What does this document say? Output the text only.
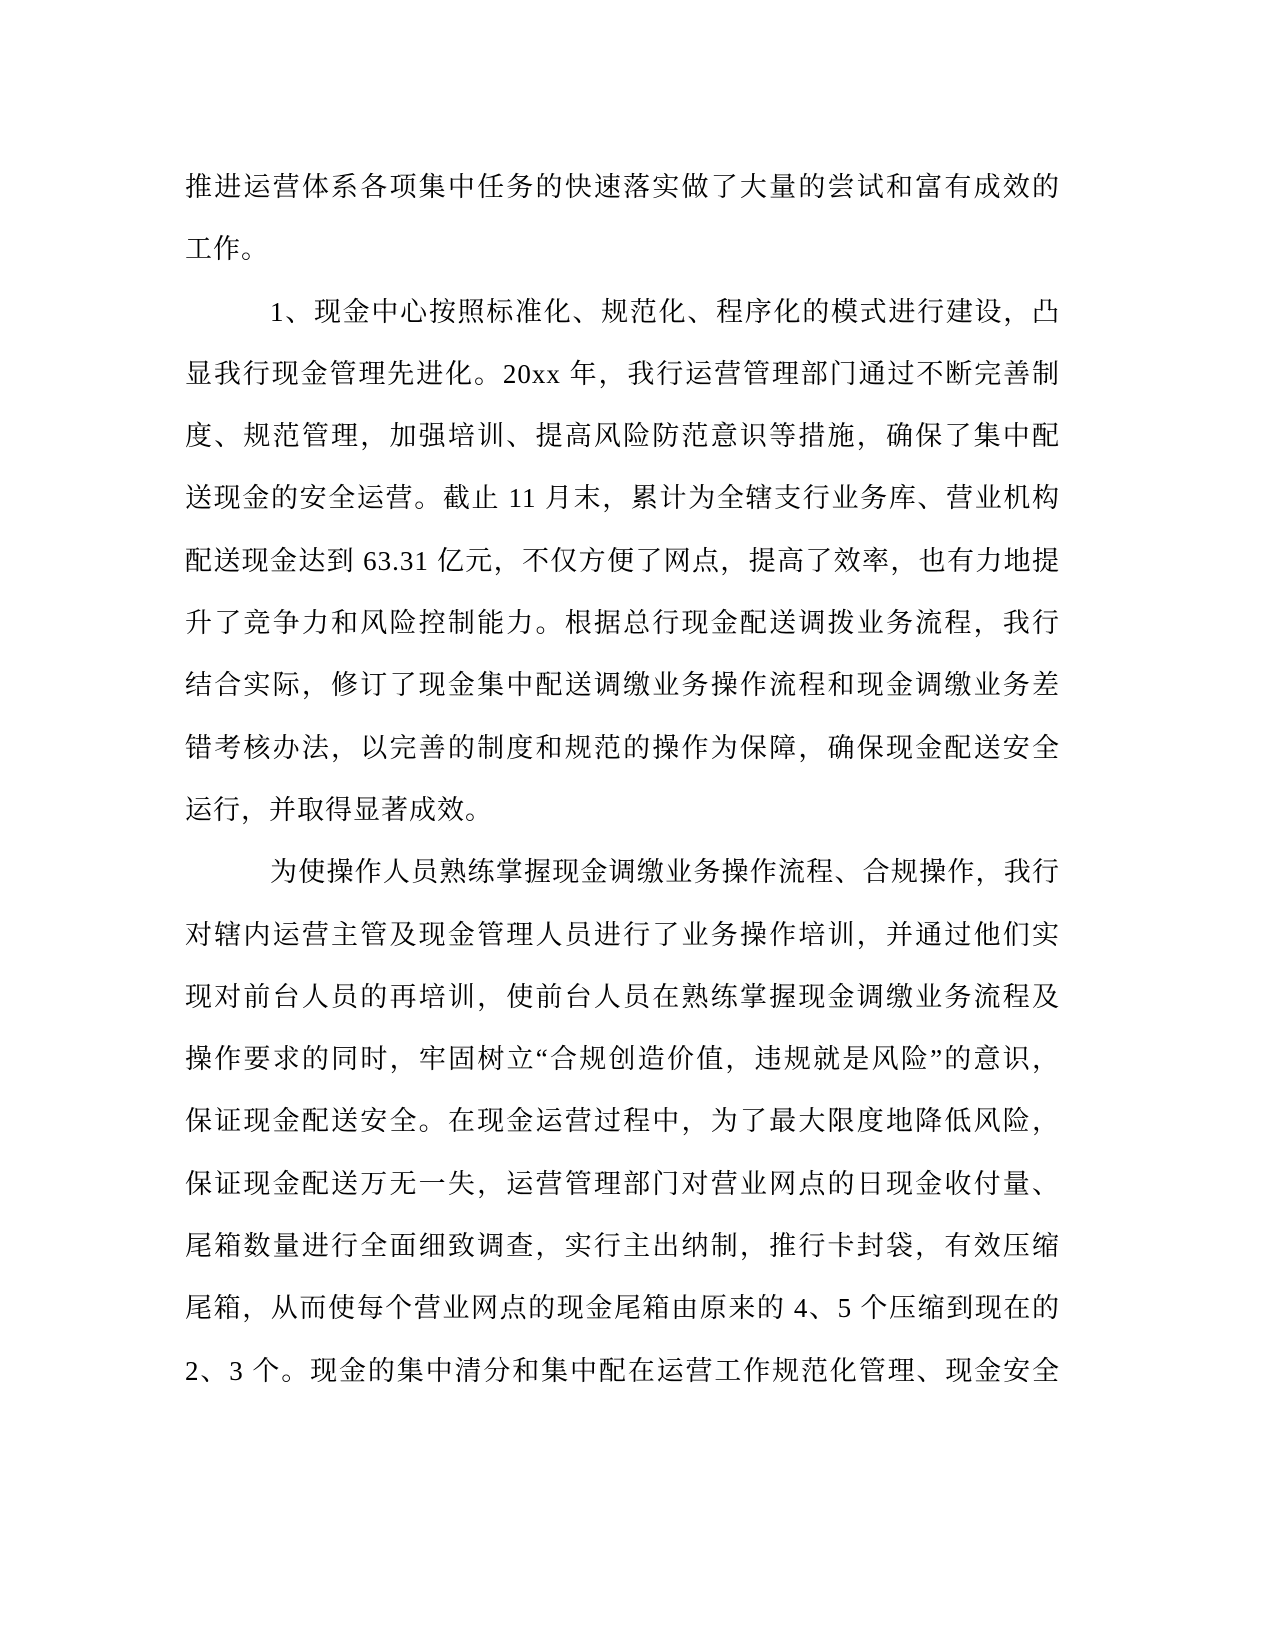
推进运营体系各项集中任务的快速落实做了大量的尝试和富有成效的
工作。
1、现金中心按照标准化、规范化、程序化的模式进行建设，凸
显我行现金管理先进化。20xx 年，我行运营管理部门通过不断完善制
度、规范管理，加强培训、提高风险防范意识等措施，确保了集中配
送现金的安全运营。截止 11 月末，累计为全辖支行业务库、营业机构
配送现金达到 63.31 亿元，不仅方便了网点，提高了效率，也有力地提
升了竞争力和风险控制能力。根据总行现金配送调拨业务流程，我行
结合实际，修订了现金集中配送调缴业务操作流程和现金调缴业务差
错考核办法，以完善的制度和规范的操作为保障，确保现金配送安全
运行，并取得显著成效。
为使操作人员熟练掌握现金调缴业务操作流程、合规操作，我行
对辖内运营主管及现金管理人员进行了业务操作培训，并通过他们实
现对前台人员的再培训，使前台人员在熟练掌握现金调缴业务流程及
操作要求的同时，牢固树立“合规创造价值，违规就是风险”的意识，
保证现金配送安全。在现金运营过程中，为了最大限度地降低风险，
保证现金配送万无一失，运营管理部门对营业网点的日现金收付量、
尾箱数量进行全面细致调查，实行主出纳制，推行卡封袋，有效压缩
尾箱，从而使每个营业网点的现金尾箱由原来的 4、5 个压缩到现在的
2、3 个。现金的集中清分和集中配在运营工作规范化管理、现金安全
